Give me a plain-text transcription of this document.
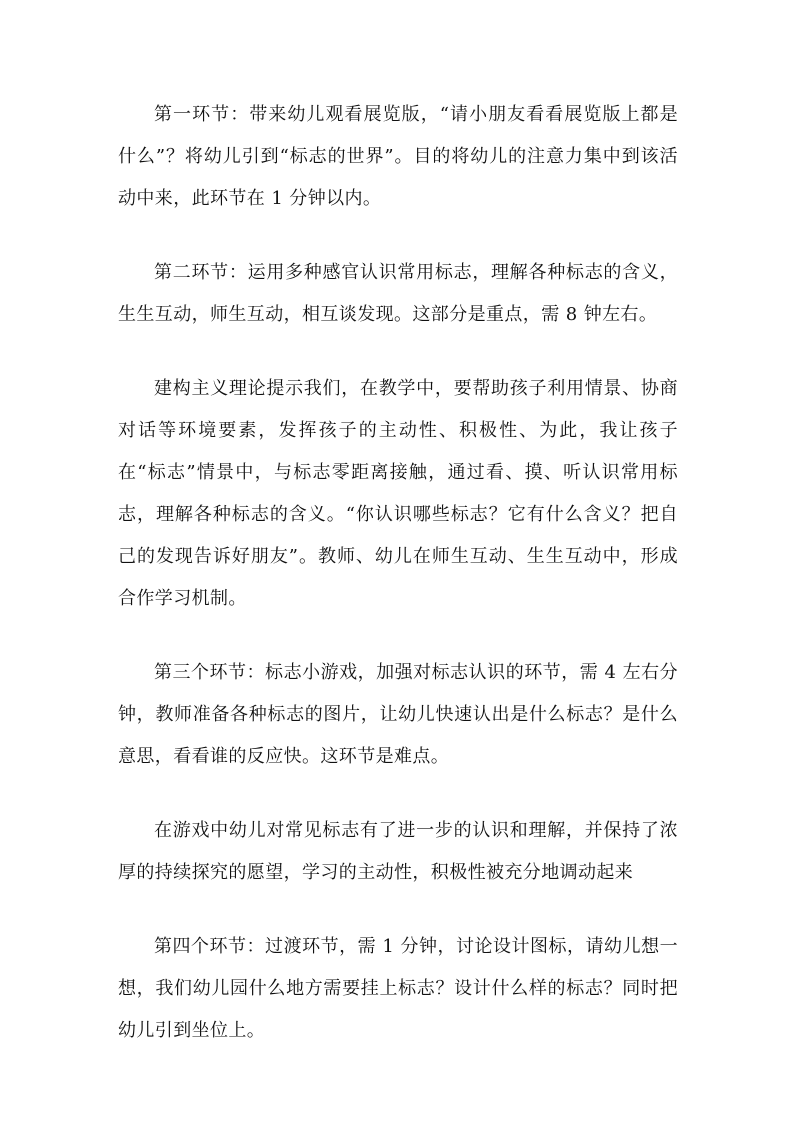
第一环节：带来幼儿观看展览版，“请小朋友看看展览版上都是什么”？将幼儿引到“标志的世界”。目的将幼儿的注意力集中到该活动中来，此环节在 1 分钟以内。

第二环节：运用多种感官认识常用标志，理解各种标志的含义，生生互动，师生互动，相互谈发现。这部分是重点，需 8 钟左右。

建构主义理论提示我们，在教学中，要帮助孩子利用情景、协商对话等环境要素，发挥孩子的主动性、积极性、为此，我让孩子在“标志”情景中，与标志零距离接触，通过看、摸、听认识常用标志，理解各种标志的含义。“你认识哪些标志？它有什么含义？把自己的发现告诉好朋友”。教师、幼儿在师生互动、生生互动中，形成合作学习机制。

第三个环节：标志小游戏，加强对标志认识的环节，需 4 左右分钟，教师准备各种标志的图片，让幼儿快速认出是什么标志？是什么意思，看看谁的反应快。这环节是难点。

在游戏中幼儿对常见标志有了进一步的认识和理解，并保持了浓厚的持续探究的愿望，学习的主动性，积极性被充分地调动起来

第四个环节：过渡环节，需 1 分钟，讨论设计图标，请幼儿想一想，我们幼儿园什么地方需要挂上标志？设计什么样的标志？同时把幼儿引到坐位上。
